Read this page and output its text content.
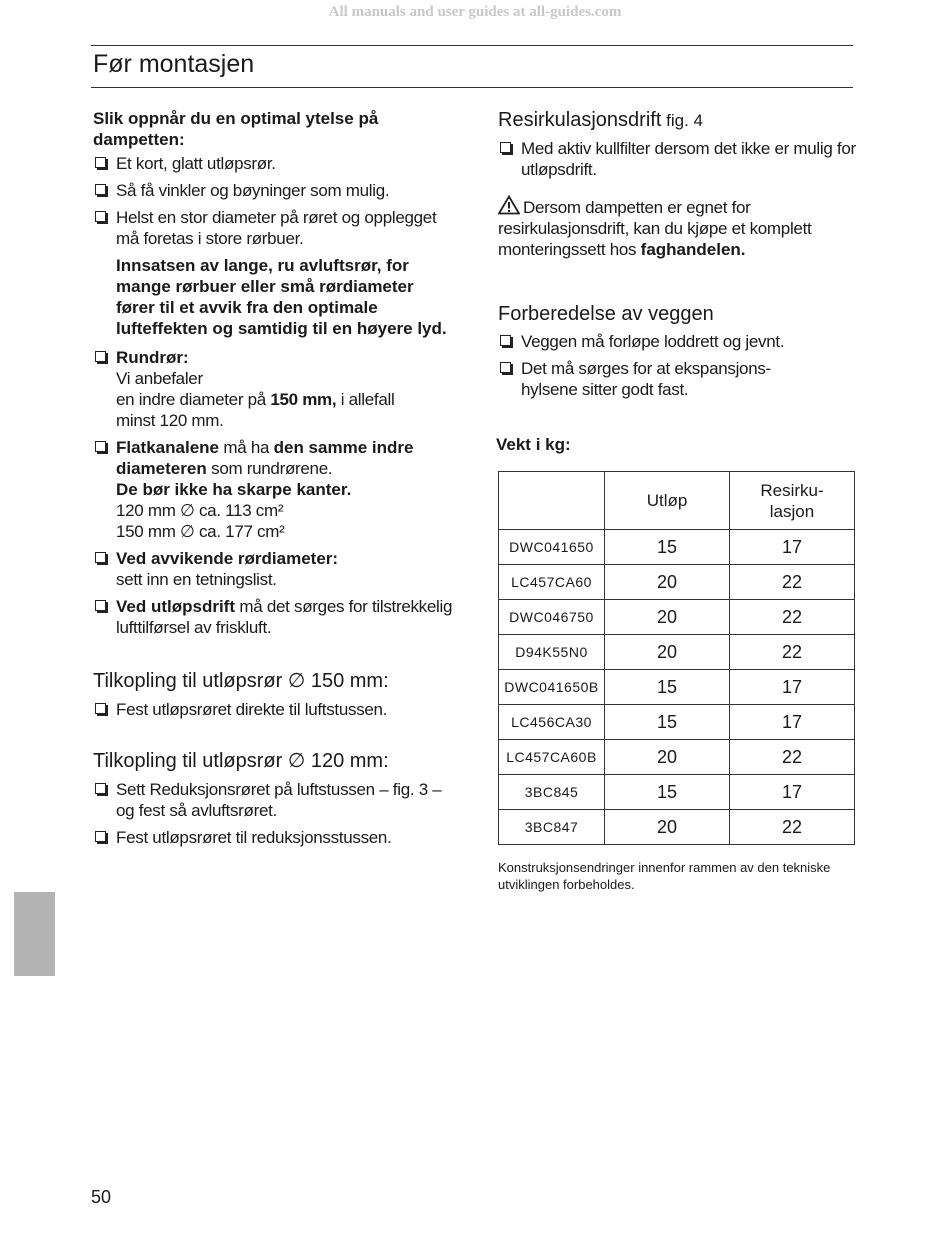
All manuals and user guides at all-guides.com
Før montasjen

Slik oppnår du en optimal ytelse på dampetten:

Et kort, glatt utløpsrør.
Så få vinkler og bøyninger som mulig.
Helst en stor diameter på røret og opplegget må foretas i store rørbuer.

Innsatsen av lange, ru avluftsrør, for mange rørbuer eller små rørdiameter fører til et avvik fra den optimale lufteffekten og samtidig til en høyere lyd.

Rundrør:
Vi anbefaler
en indre diameter på 150 mm, i allefall
minst 120 mm.
Flatkanalene må ha den samme indre diameteren som rundrørene.
De bør ikke ha skarpe kanter.
120 mm ∅ ca. 113 cm²
150 mm ∅ ca. 177 cm²
Ved avvikende rørdiameter:
sett inn en tetningslist.
Ved utløpsdrift må det sørges for tilstrekkelig lufttilførsel av friskluft.
Tilkopling til utløpsrør ∅ 150 mm:
Fest utløpsrøret direkte til luftstussen.
Tilkopling til utløpsrør ∅ 120 mm:
Sett Reduksjonsrøret på luftstussen – fig. 3 – og fest så avluftsrøret.
Fest utløpsrøret til reduksjonsstussen.
Resirkulasjonsdrift fig. 4
Med aktiv kullfilter dersom det ikke er mulig for utløpsdrift.

Dersom dampetten er egnet for resirkulasjonsdrift, kan du kjøpe et komplett monteringssett hos faghandelen.

Forberedelse av veggen
Veggen må forløpe loddrett og jevnt.
Det må sørges for at ekspansjons-hylsene sitter godt fast.

Vekt i kg:

	Utløp	Resirku-lasjon

DWC041650	15	17
LC457CA60	20	22
DWC046750	20	22
D94K55N0	20	22
DWC041650B	15	17
LC456CA30	15	17
LC457CA60B	20	22
3BC845	15	17
3BC847	20	22
Konstruksjonsendringer innenfor rammen av den tekniske utviklingen forbeholdes.
50
